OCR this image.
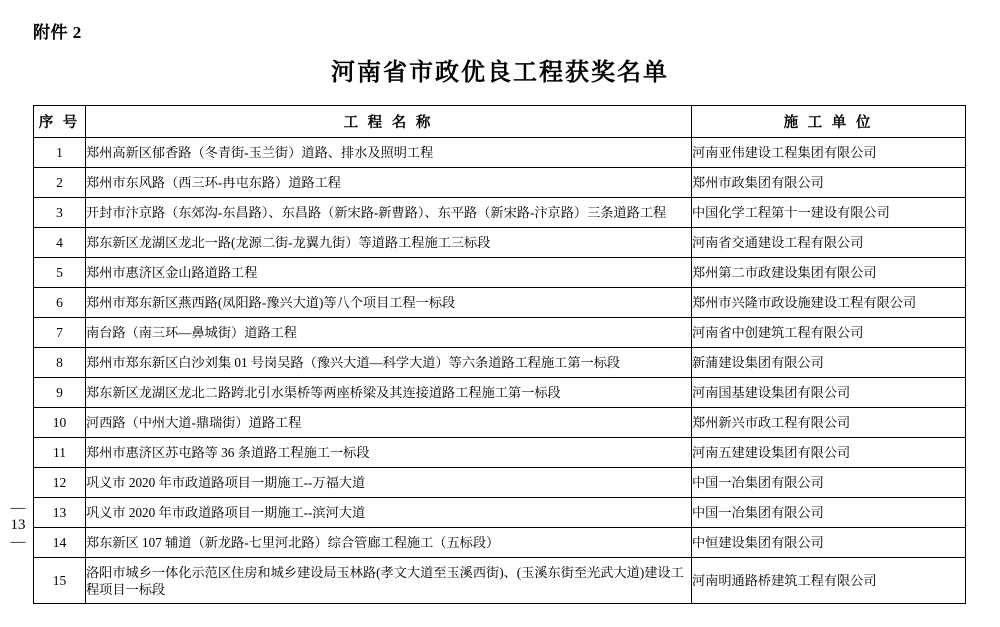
附件 2
河南省市政优良工程获奖名单
— 13 —
序 号	工 程 名 称	施 工 单 位
1	郑州高新区郁香路（冬青街-玉兰街）道路、排水及照明工程	河南亚伟建设工程集团有限公司
2	郑州市东风路（西三环-冉屯东路）道路工程	郑州市政集团有限公司
3	开封市汴京路（东郊沟-东昌路）、东昌路（新宋路-新曹路）、东平路（新宋路-汴京路）三条道路工程	中国化学工程第十一建设有限公司
4	郑东新区龙湖区龙北一路(龙源二街-龙翼九街）等道路工程施工三标段	河南省交通建设工程有限公司
5	郑州市惠济区金山路道路工程	郑州第二市政建设集团有限公司
6	郑州市郑东新区燕西路(凤阳路-豫兴大道)等八个项目工程一标段	郑州市兴隆市政设施建设工程有限公司
7	南台路（南三环—鼻城街）道路工程	河南省中创建筑工程有限公司
8	郑州市郑东新区白沙刘集 01 号岗吴路（豫兴大道—科学大道）等六条道路工程施工第一标段	新蒲建设集团有限公司
9	郑东新区龙湖区龙北二路跨北引水渠桥等两座桥梁及其连接道路工程施工第一标段	河南国基建设集团有限公司
10	河西路（中州大道-鼎瑞街）道路工程	郑州新兴市政工程有限公司
11	郑州市惠济区苏屯路等 36 条道路工程施工一标段	河南五建建设集团有限公司
12	巩义市 2020 年市政道路项目一期施工--万福大道	中国一冶集团有限公司
13	巩义市 2020 年市政道路项目一期施工--滨河大道	中国一冶集团有限公司
14	郑东新区 107 辅道（新龙路-七里河北路）综合管廊工程施工（五标段）	中恒建设集团有限公司
15	洛阳市城乡一体化示范区住房和城乡建设局玉林路(孝文大道至玉溪西街)、(玉溪东街至光武大道)建设工程项目一标段	河南明通路桥建筑工程有限公司
